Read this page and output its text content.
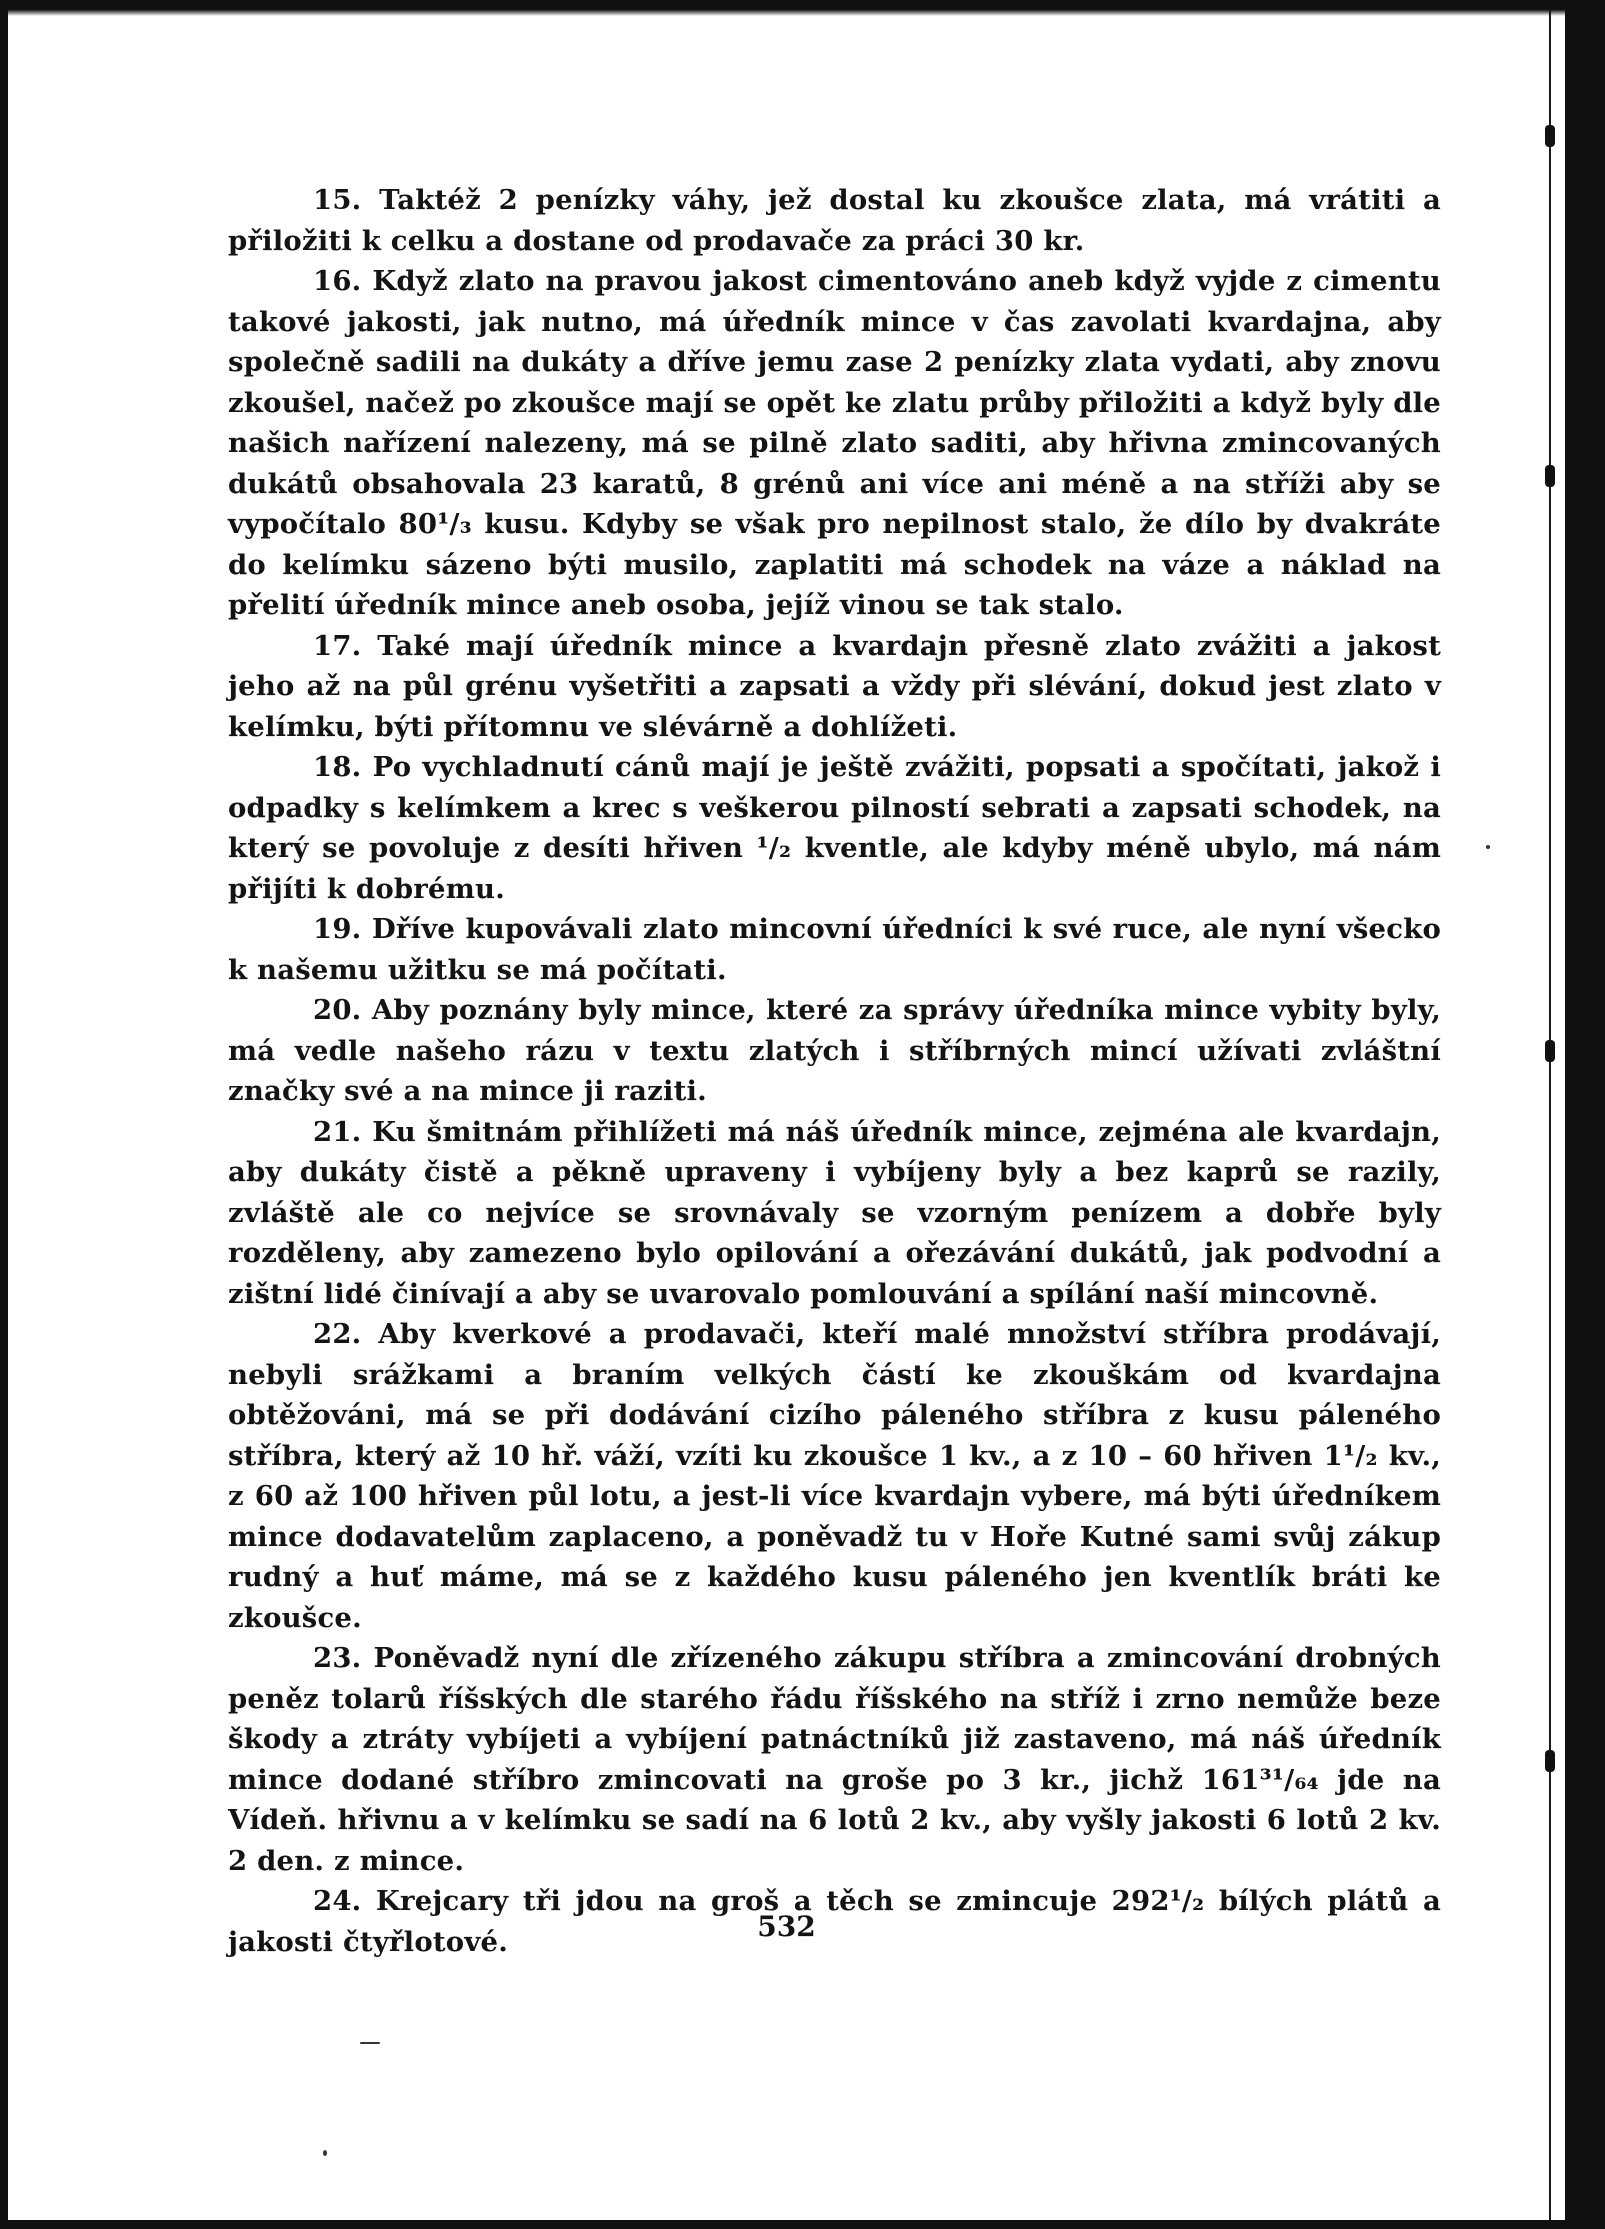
15. Taktéž 2 penízky váhy, jež dostal ku zkoušce zlata, má vrátiti a přiložiti k celku a dostane od prodavače za práci 30 kr.

16. Když zlato na pravou jakost cimentováno aneb když vyjde z cimentu takové jakosti, jak nutno, má úředník mince v čas zavolati kvardajna, aby společně sadili na dukáty a dříve jemu zase 2 penízky zlata vydati, aby znovu zkoušel, načež po zkoušce mají se opět ke zlatu průby přiložiti a když byly dle našich nařízení nalezeny, má se pilně zlato saditi, aby hřivna zmincovaných dukátů obsahovala 23 karatů, 8 grénů ani více ani méně a na stříži aby se vypočítalo 80¹/₃ kusu. Kdyby se však pro nepilnost stalo, že dílo by dvakráte do kelímku sázeno býti musilo, zaplatiti má schodek na váze a náklad na přelití úředník mince aneb osoba, jejíž vinou se tak stalo.

17. Také mají úředník mince a kvardajn přesně zlato zvážiti a jakost jeho až na půl grénu vyšetřiti a zapsati a vždy při slévání, dokud jest zlato v kelímku, býti přítomnu ve slévárně a dohlížeti.

18. Po vychladnutí cánů mají je ještě zvážiti, popsati a spočítati, jakož i odpadky s kelímkem a krec s veškerou pilností sebrati a zapsati schodek, na který se povoluje z desíti hřiven ¹/₂ kventle, ale kdyby méně ubylo, má nám přijíti k dobrému.

19. Dříve kupovávali zlato mincovní úředníci k své ruce, ale nyní všecko k našemu užitku se má počítati.

20. Aby poznány byly mince, které za správy úředníka mince vybity byly, má vedle našeho rázu v textu zlatých i stříbrných mincí užívati zvláštní značky své a na mince ji raziti.

21. Ku šmitnám přihlížeti má náš úředník mince, zejména ale kvardajn, aby dukáty čistě a pěkně upraveny i vybíjeny byly a bez kaprů se razily, zvláště ale co nejvíce se srovnávaly se vzorným penízem a dobře byly rozděleny, aby zamezeno bylo opilování a ořezávání dukátů, jak podvodní a zištní lidé činívají a aby se uvarovalo pomlouvání a spílání naší mincovně.

22. Aby kverkové a prodavači, kteří malé množství stříbra prodávají, nebyli srážkami a braním velkých částí ke zkouškám od kvardajna obtěžováni, má se při dodávání cizího páleného stříbra z kusu páleného stříbra, který až 10 hř. váží, vzíti ku zkoušce 1 kv., a z 10 – 60 hřiven 1¹/₂ kv., z 60 až 100 hřiven půl lotu, a jest-li více kvardajn vybere, má býti úředníkem mince dodavatelům zaplaceno, a poněvadž tu v Hoře Kutné sami svůj zákup rudný a huť máme, má se z každého kusu páleného jen kventlík bráti ke zkoušce.

23. Poněvadž nyní dle zřízeného zákupu stříbra a zmincování drobných peněz tolarů říšských dle starého řádu říšského na stříž i zrno nemůže beze škody a ztráty vybíjeti a vybíjení patnáctníků již zastaveno, má náš úředník mince dodané stříbro zmincovati na groše po 3 kr., jichž 161³¹/₆₄ jde na Vídeň. hřivnu a v kelímku se sadí na 6 lotů 2 kv., aby vyšly jakosti 6 lotů 2 kv. 2 den. z mince.

24. Krejcary tři jdou na groš a těch se zmincuje 292¹/₂ bílých plátů a jakosti čtyřlotové.	532
